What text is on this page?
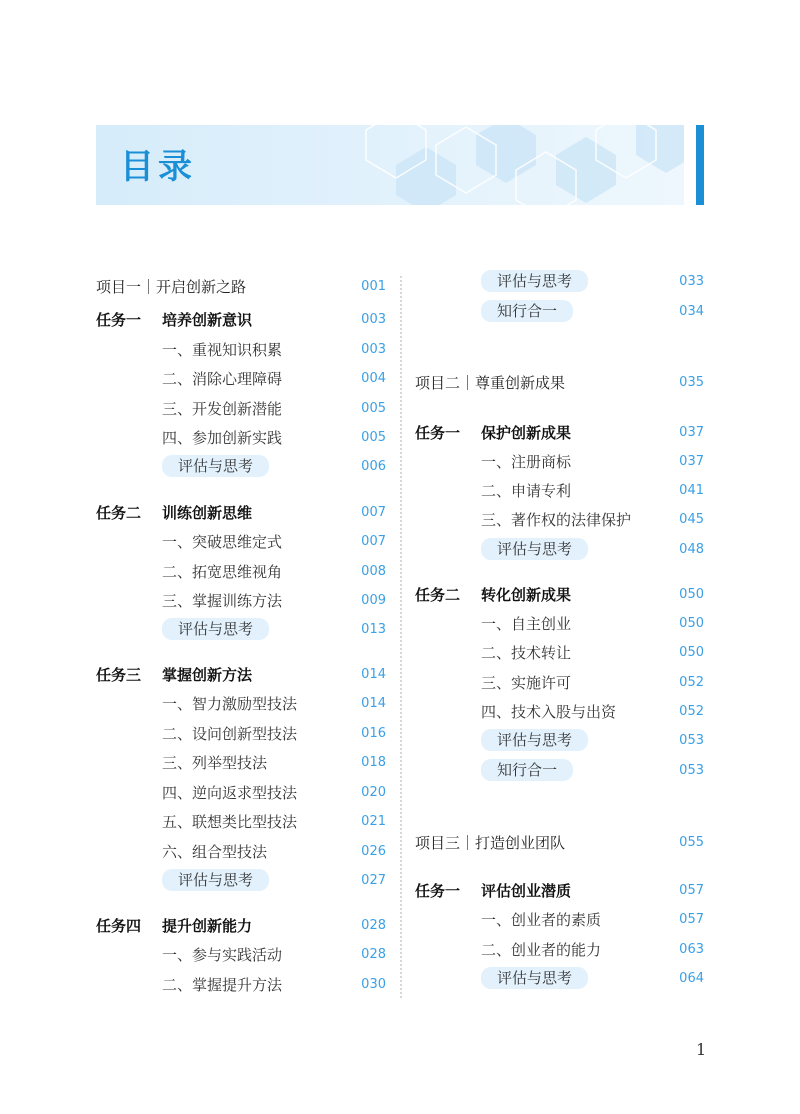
目录
项目一｜开启创新之路	001
任务一 培养创新意识	003
一、重视知识积累	003
二、消除心理障碍	004
三、开发创新潜能	005
四、参加创新实践	005
评估与思考	006
任务二 训练创新思维	007
一、突破思维定式	007
二、拓宽思维视角	008
三、掌握训练方法	009
评估与思考	013
任务三 掌握创新方法	014
一、智力激励型技法	014
二、设问创新型技法	016
三、列举型技法	018
四、逆向返求型技法	020
五、联想类比型技法	021
六、组合型技法	026
评估与思考	027
任务四 提升创新能力	028
一、参与实践活动	028
二、掌握提升方法	030
评估与思考	033
知行合一	034
项目二｜尊重创新成果	035
任务一 保护创新成果	037
一、注册商标	037
二、申请专利	041
三、著作权的法律保护	045
评估与思考	048
任务二 转化创新成果	050
一、自主创业	050
二、技术转让	050
三、实施许可	052
四、技术入股与出资	052
评估与思考	053
知行合一	053
项目三｜打造创业团队	055
任务一 评估创业潜质	057
一、创业者的素质	057
二、创业者的能力	063
评估与思考	064
1
